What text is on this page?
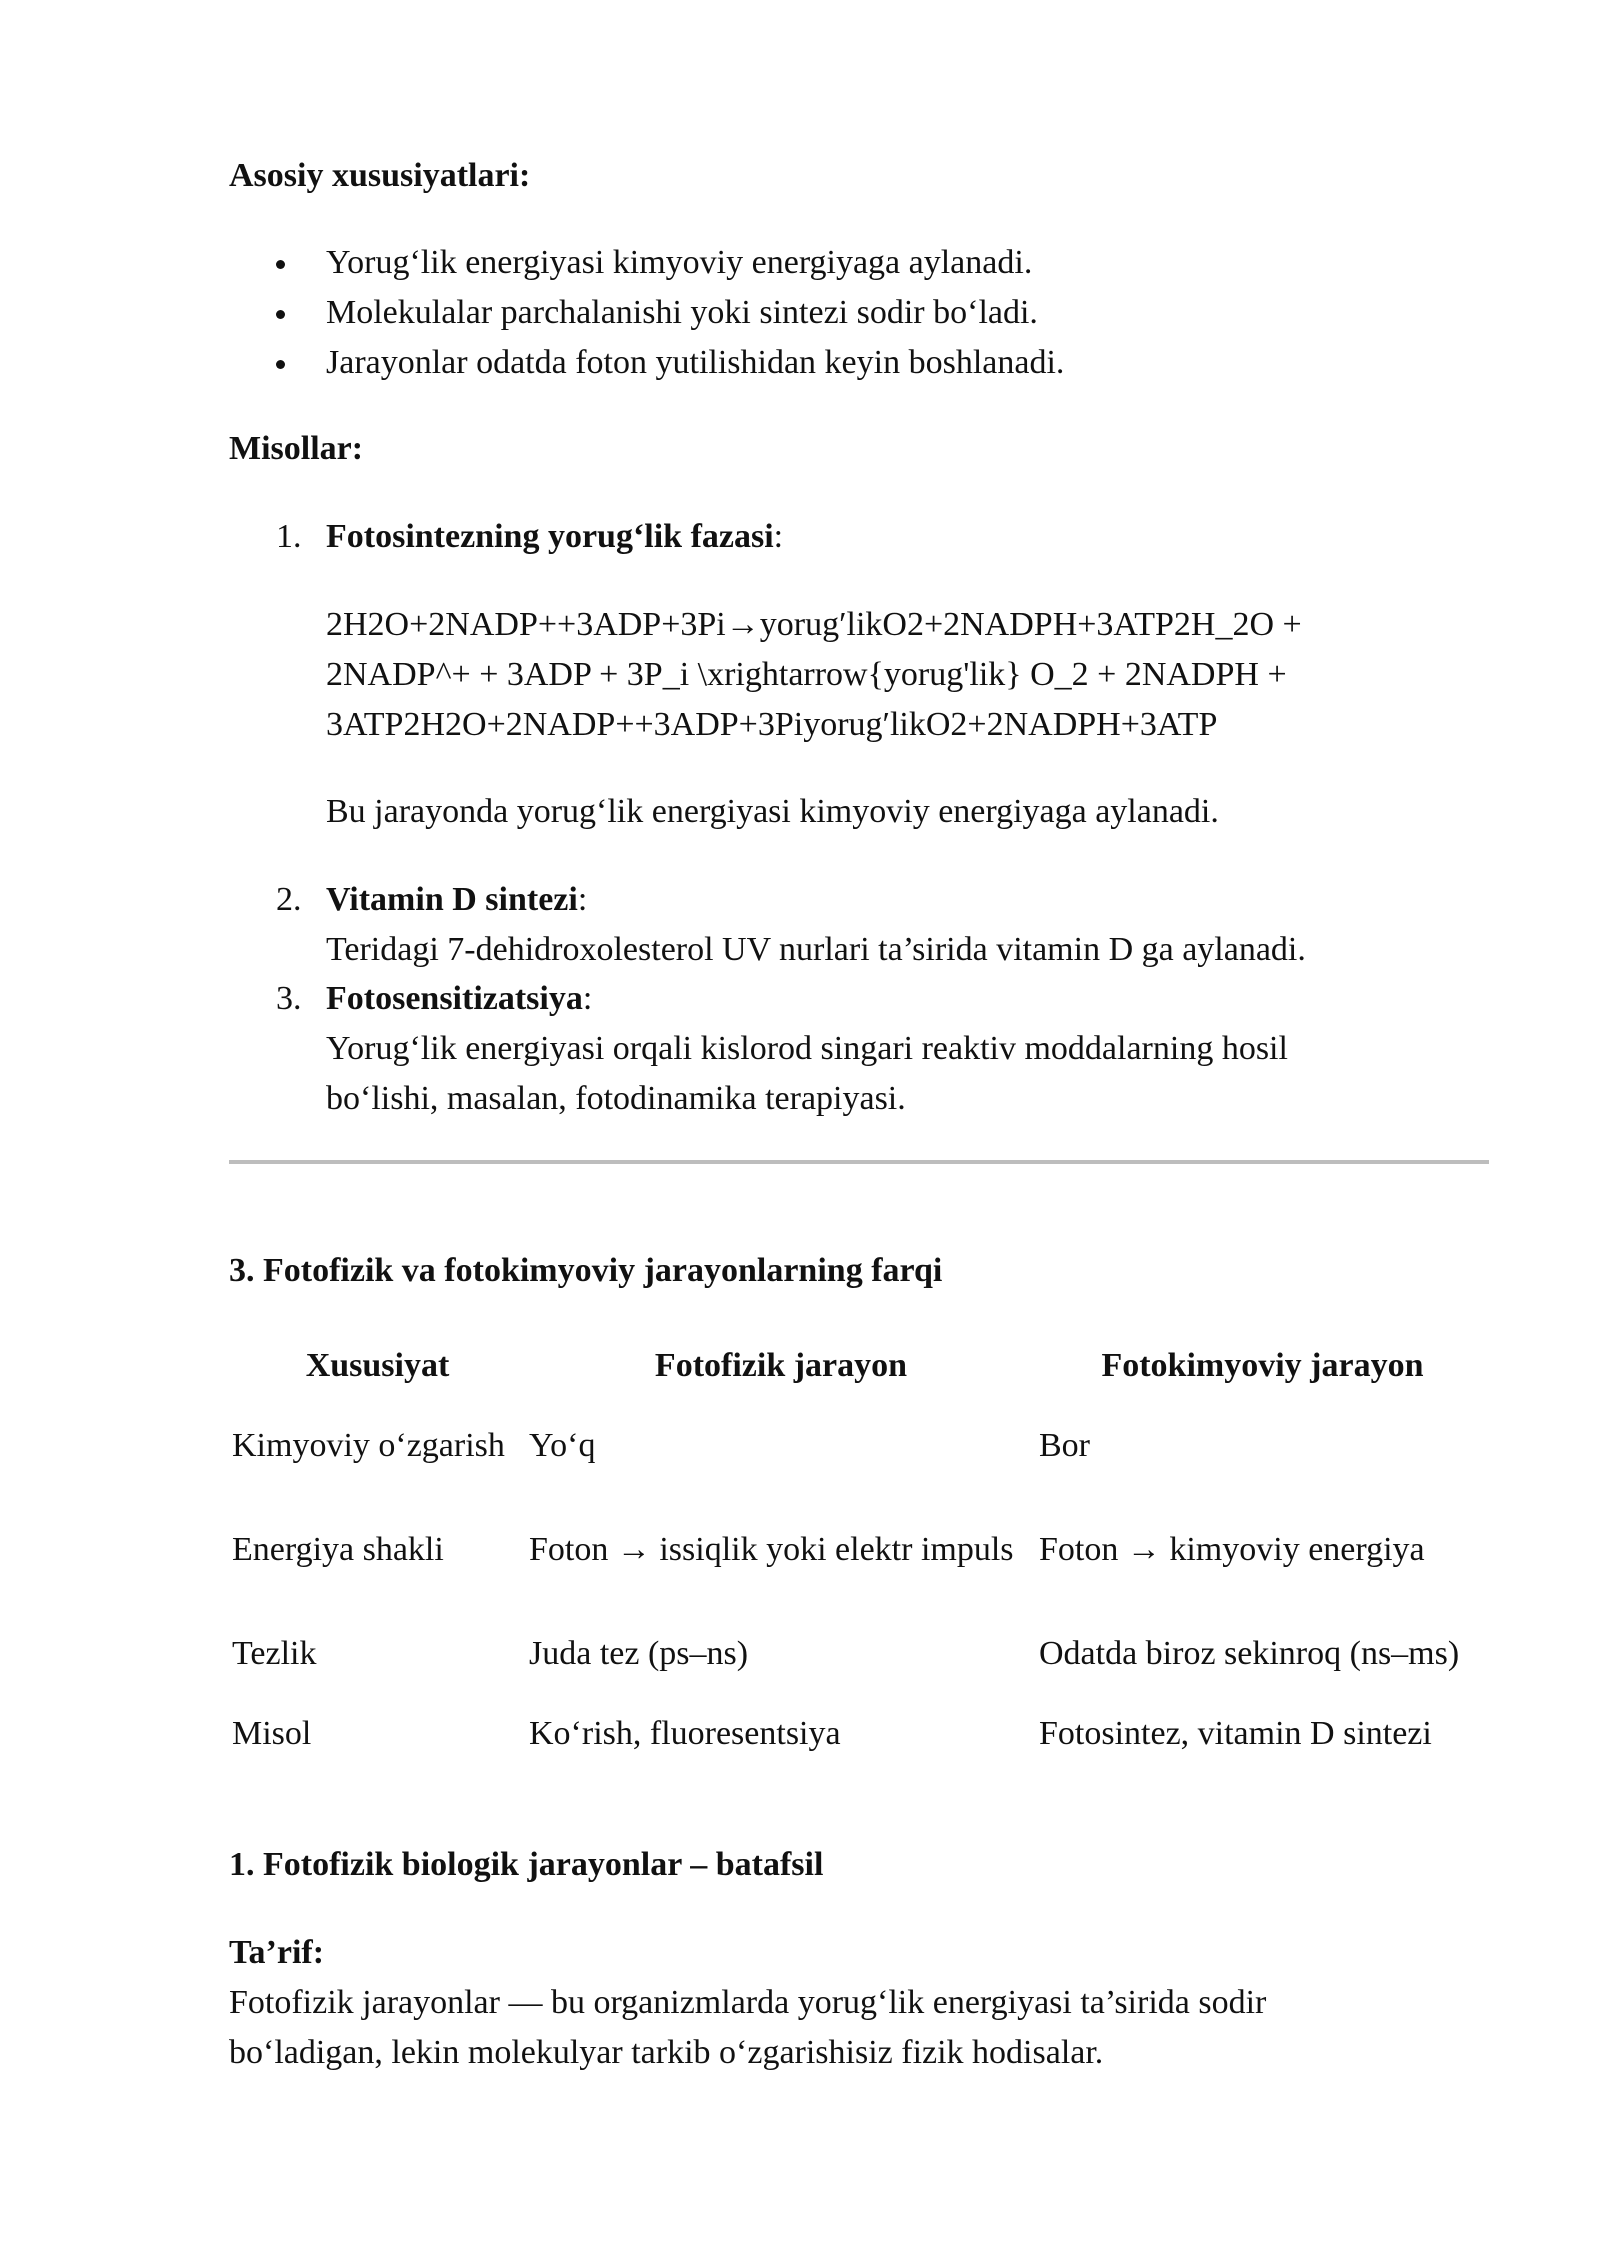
Asosiy xususiyatlari:
Yorug‘lik energiyasi kimyoviy energiyaga aylanadi.
Molekulalar parchalanishi yoki sintezi sodir bo‘ladi.
Jarayonlar odatda foton yutilishidan keyin boshlanadi.
Misollar:
1. Fotosintezning yorug‘lik fazasi:
2H2O+2NADP++3ADP+3Pi→yorug′likO2+2NADPH+3ATP2H_2O +
2NADP^+ + 3ADP + 3P_i \xrightarrow{yorug'lik} O_2 + 2NADPH +
3ATP2H2O+2NADP++3ADP+3Piyorug′likO2+2NADPH+3ATP
Bu jarayonda yorug‘lik energiyasi kimyoviy energiyaga aylanadi.
2. Vitamin D sintezi:
Teridagi 7-dehidroxolesterol UV nurlari ta’sirida vitamin D ga aylanadi.
3. Fotosensitizatsiya:
Yorug‘lik energiyasi orqali kislorod singari reaktiv moddalarning hosil
bo‘lishi, masalan, fotodinamika terapiyasi.
3. Fotofizik va fotokimyoviy jarayonlarning farqi
Xususiyat	Fotofizik jarayon	Fotokimyoviy jarayon
Kimyoviy o‘zgarish	Yo‘q	Bor
Energiya shakli	Foton → issiqlik yoki elektr impuls	Foton → kimyoviy energiya
Tezlik	Juda tez (ps–ns)	Odatda biroz sekinroq (ns–ms)
Misol	Ko‘rish, fluoresentsiya	Fotosintez, vitamin D sintezi
1. Fotofizik biologik jarayonlar – batafsil
Ta’rif:
Fotofizik jarayonlar — bu organizmlarda yorug‘lik energiyasi ta’sirida sodir
bo‘ladigan, lekin molekulyar tarkib o‘zgarishisiz fizik hodisalar.
